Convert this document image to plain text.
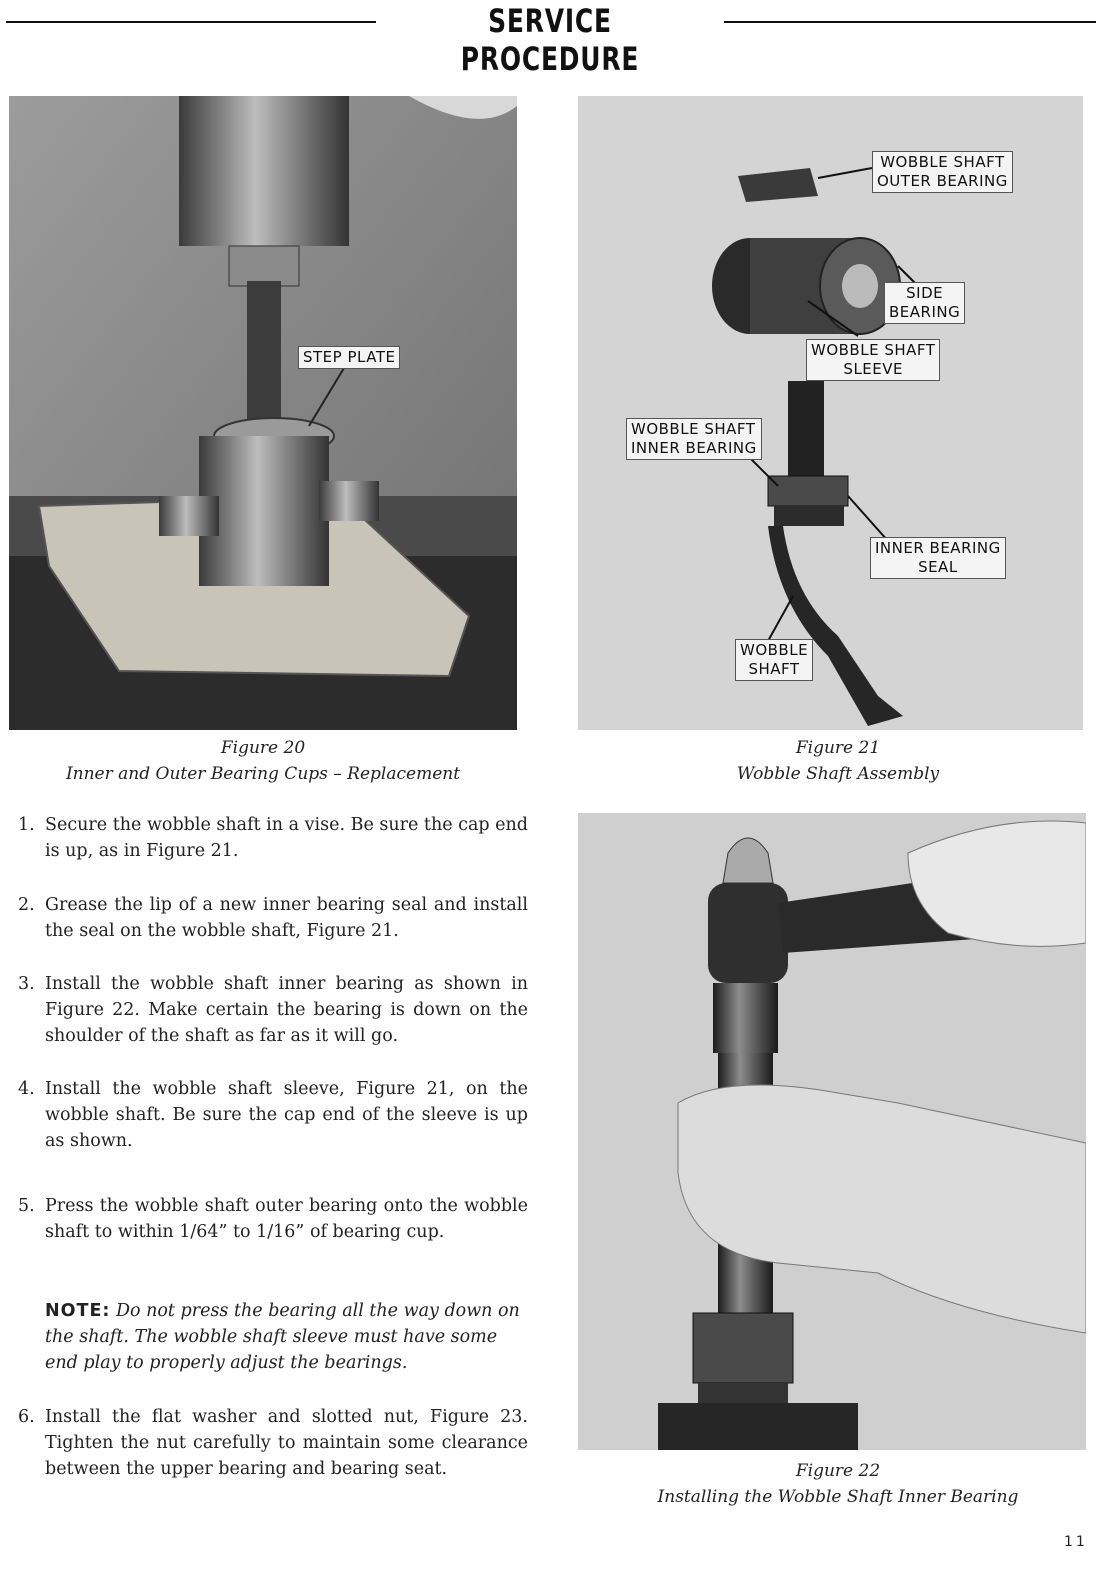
SERVICE PROCEDURE
STEP PLATE
Figure 20
Inner and Outer Bearing Cups – Replacement
WOBBLE SHAFT
OUTER BEARING
SIDE
BEARING
WOBBLE SHAFT
SLEEVE
WOBBLE SHAFT
INNER BEARING
INNER BEARING
SEAL
WOBBLE
SHAFT
Figure 21
Wobble Shaft Assembly
Figure 22
Installing the Wobble Shaft Inner Bearing
1. Secure the wobble shaft in a vise. Be sure the cap end is up, as in Figure 21.
2. Grease the lip of a new inner bearing seal and install the seal on the wobble shaft, Figure 21.
3. Install the wobble shaft inner bearing as shown in Figure 22. Make certain the bearing is down on the shoulder of the shaft as far as it will go.
4. Install the wobble shaft sleeve, Figure 21, on the wobble shaft. Be sure the cap end of the sleeve is up as shown.
5. Press the wobble shaft outer bearing onto the wobble shaft to within 1/64” to 1/16” of bearing cup.
6. Install the flat washer and slotted nut, Figure 23. Tighten the nut carefully to maintain some clearance between the upper bearing and bearing seat.
NOTE: Do not press the bearing all the way down on the shaft. The wobble shaft sleeve must have some end play to properly adjust the bearings.
11
